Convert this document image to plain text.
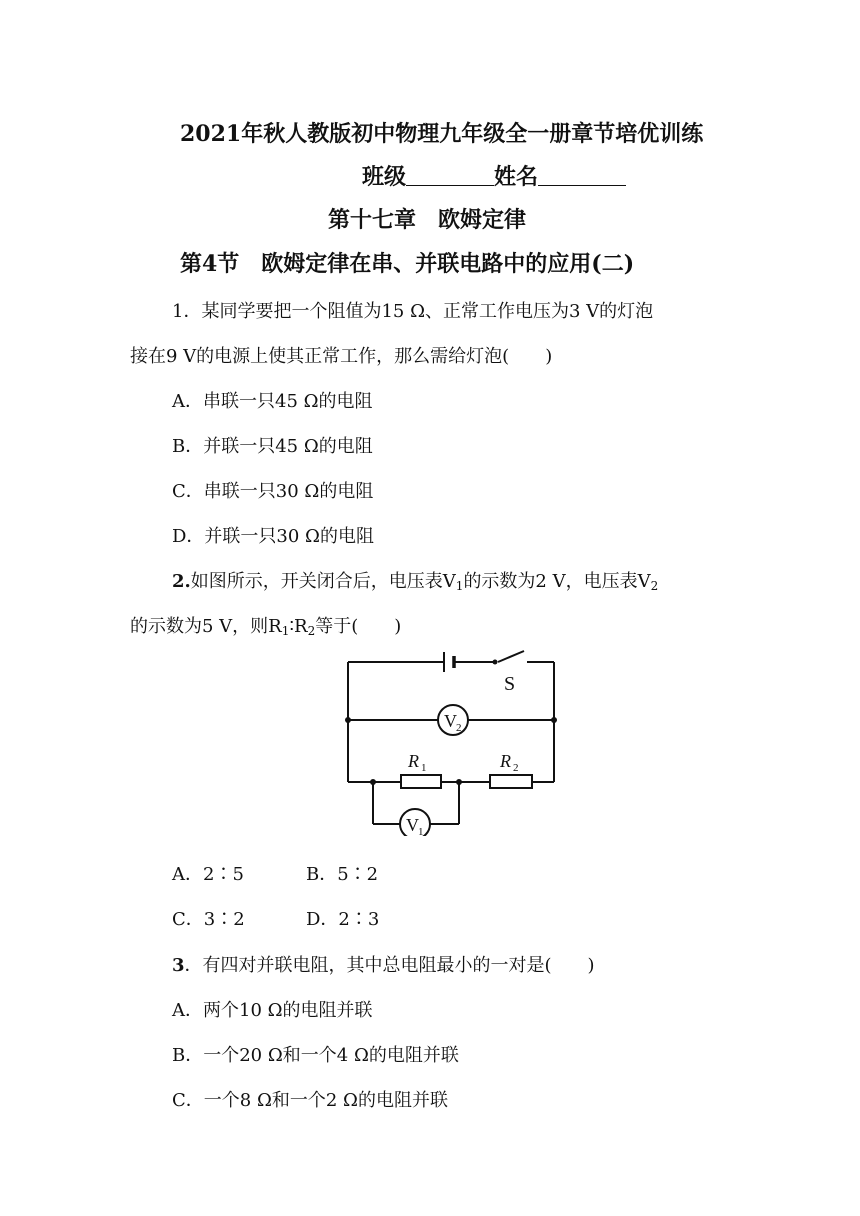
2021年秋人教版初中物理九年级全一册章节培优训练
班级	姓名
第十七章　欧姆定律
第4节　欧姆定律在串、并联电路中的应用(二)
1．某同学要把一个阻值为15 Ω、正常工作电压为3 V的灯泡
接在9 V的电源上使其正常工作，那么需给灯泡(　　)
A．串联一只45 Ω的电阻
B．并联一只45 Ω的电阻
C．串联一只30 Ω的电阻
D．并联一只30 Ω的电阻
2.如图所示，开关闭合后，电压表$V_1$的示数为2 V，电压表$V_2$
的示数为5 V，则$R_1∶R_2$等于(　　)
S
V 2
R 1	R 2
V 1
A．2∶5	B．5∶2
C．3∶2	D．2∶3
3．有四对并联电阻，其中总电阻最小的一对是(　　)
A．两个10 Ω的电阻并联
B．一个20 Ω和一个4 Ω的电阻并联
C．一个8 Ω和一个2 Ω的电阻并联
